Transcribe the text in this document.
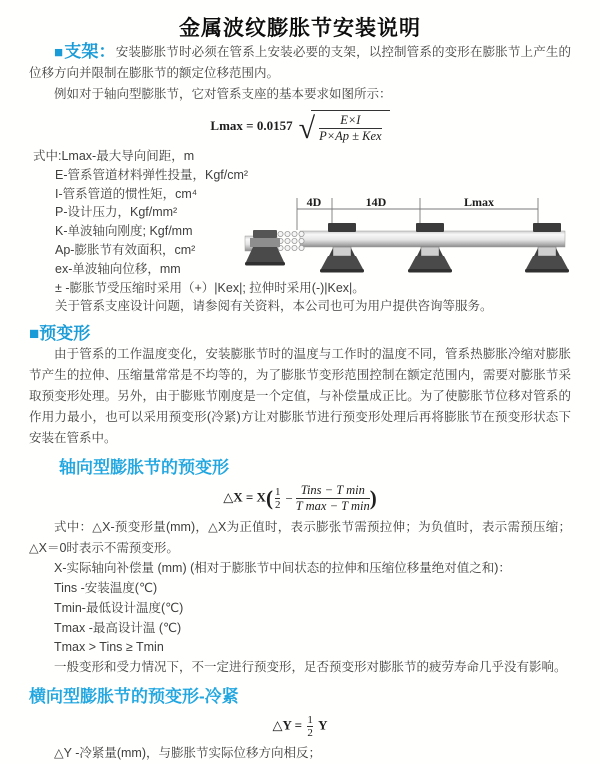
金属波纹膨胀节安装说明

■支架：安装膨胀节时必须在管系上安装必要的支架，以控制管系的变形在膨胀节上产生的位移方向并限制在膨胀节的额定位移范围内。

例如对于轴向型膨胀节，它对管系支座的基本要求如图所示：

Lmax = 0.0157 √ $\frac{E\times I}{\text{P×Ap ± Kex}}$
式中:Lmax-最大导向间距，m
E-管系管道材料弹性投量，Kgf/cm²
I-管系管道的惯性矩，cm⁴
P-设计压力，Kgf/mm²
K-单波轴向刚度; Kgf/mm
Ap-膨胀节有效面积，cm²
ex-单波轴向位移，mm
± -膨胀节受压缩时采用（+）|Kex|; 拉伸时采用(-)|Kex|。
关于管系支座设计问题，请参阅有关资料，本公司也可为用户提供咨询等服务。
■预变形

由于管系的工作温度变化，安装膨胀节时的温度与工作时的温度不同，管系热膨胀冷缩对膨胀节产生的拉伸、压缩量常常是不均等的，为了膨胀节变形范围控制在额定范围内，需要对膨胀节采取预变形处理。另外，由于膨账节刚度是一个定值，与补偿量成正比。为了使膨胀节位移对管系的作用力最小，也可以采用预变形(冷紧)方让对膨胀节进行预变形处理后再将膨胀节在预变形状态下安装在管系中。

轴向型膨胀节的预变形
△X = $X( \frac{1}{2} - \frac{\text{Tins − T min}}{\text{T max − T min}}$ )

式中：△X-预变形量(mm)，△X为正值时，表示膨张节需预拉伸；为负值时，表示需预压缩；△X＝0时表示不需预变形。

X-实际轴向补偿量 (mm) (相对于膨胀节中间状态的拉伸和压缩位移量绝对值之和)：
Tins -安装温度(℃)
Tmin-最低设计温度(℃)
Tmax -最高设计温 (℃)
Tmax > Tins ≥ Tmin
一般变形和受力情况下，不一定进行预变形，足否预变形对膨胀节的疲劳寿命几乎没有影响。
横向型膨胀节的预变形-冷紧
△Y = $\frac{1}{2}$ Y

△Y -冷紧量(mm)，与膨胀节实际位移方向相反；

4D	14D	Lmax
